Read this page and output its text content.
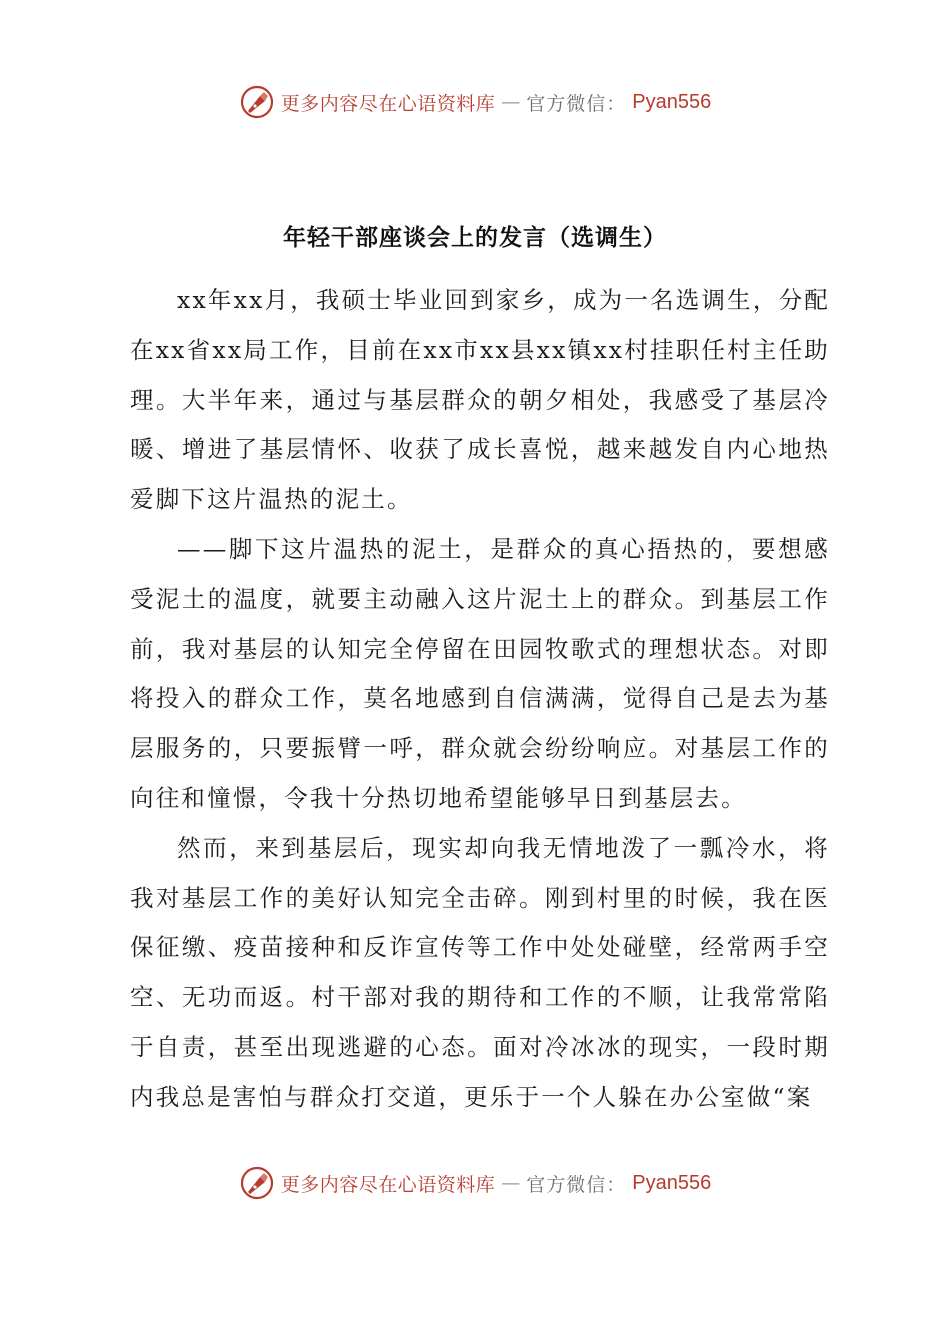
更多内容尽在心语资料库 — 官方微信： Pyan556
年轻干部座谈会上的发言（选调生）

xx年xx月，我硕士毕业回到家乡，成为一名选调生，分配在xx省xx局工作，目前在xx市xx县xx镇xx村挂职任村主任助理。大半年来，通过与基层群众的朝夕相处，我感受了基层冷暖、增进了基层情怀、收获了成长喜悦，越来越发自内心地热爱脚下这片温热的泥土。

——脚下这片温热的泥土，是群众的真心捂热的，要想感受泥土的温度，就要主动融入这片泥土上的群众。到基层工作前，我对基层的认知完全停留在田园牧歌式的理想状态。对即将投入的群众工作，莫名地感到自信满满，觉得自己是去为基层服务的，只要振臂一呼，群众就会纷纷响应。对基层工作的向往和憧憬，令我十分热切地希望能够早日到基层去。

然而，来到基层后，现实却向我无情地泼了一瓢冷水，将我对基层工作的美好认知完全击碎。刚到村里的时候，我在医保征缴、疫苗接种和反诈宣传等工作中处处碰壁，经常两手空空、无功而返。村干部对我的期待和工作的不顺，让我常常陷于自责，甚至出现逃避的心态。面对冷冰冰的现实，一段时期内我总是害怕与群众打交道，更乐于一个人躲在办公室做“案

更多内容尽在心语资料库 — 官方微信： Pyan556
